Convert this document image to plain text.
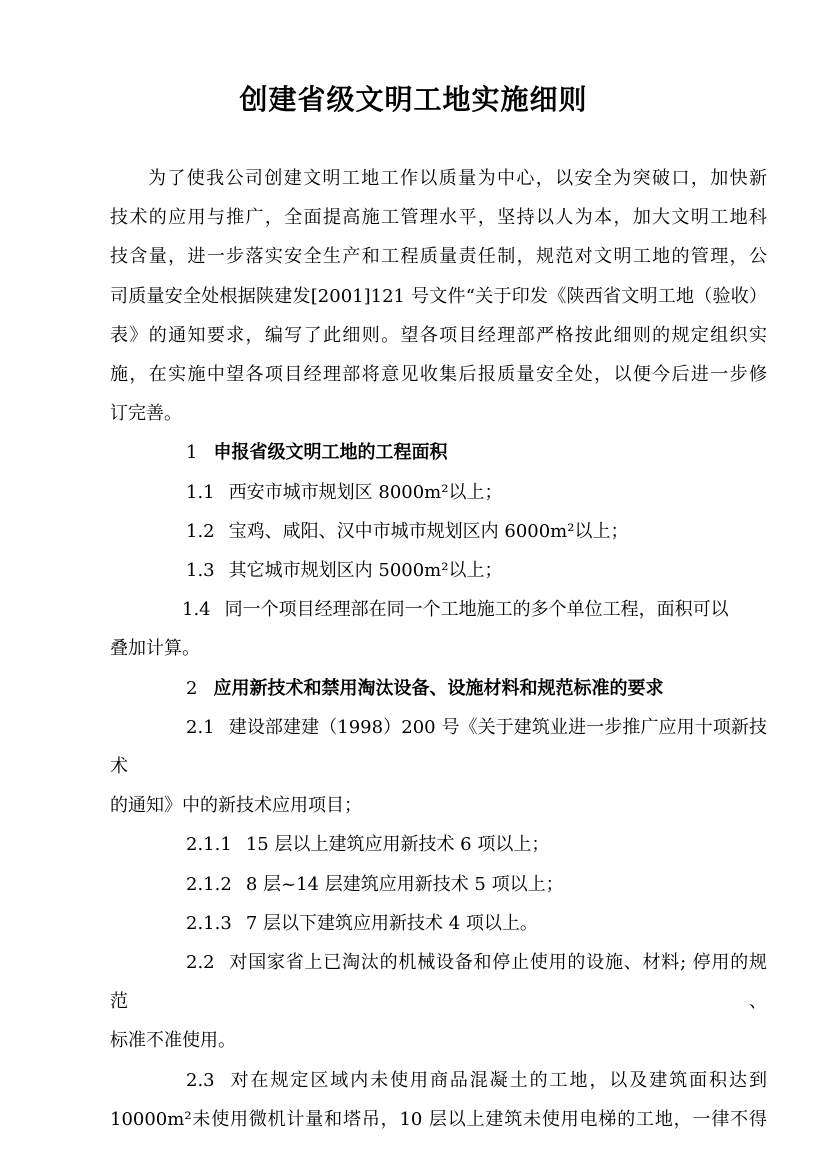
创建省级文明工地实施细则

为了使我公司创建文明工地工作以质量为中心，以安全为突破口，加快新

技术的应用与推广，全面提高施工管理水平，坚持以人为本，加大文明工地科

技含量，进一步落实安全生产和工程质量责任制，规范对文明工地的管理，公

司质量安全处根据陕建发[2001]121 号文件“关于印发《陕西省文明工地（验收）

表》的通知要求，编写了此细则。望各项目经理部严格按此细则的规定组织实

施，在实施中望各项目经理部将意见收集后报质量安全处，以便今后进一步修

订完善。

1 申报省级文明工地的工程面积

1.1 西安市城市规划区 8000m²以上；

1.2 宝鸡、咸阳、汉中市城市规划区内 6000m²以上；

1.3 其它城市规划区内 5000m²以上；

1.4 同一个项目经理部在同一个工地施工的多个单位工程，面积可以

叠加计算。

2 应用新技术和禁用淘汰设备、设施材料和规范标准的要求

2.1 建设部建建（1998）200 号《关于建筑业进一步推广应用十项新技术

的通知》中的新技术应用项目；

2.1.1 15 层以上建筑应用新技术 6 项以上；

2.1.2 8 层~14 层建筑应用新技术 5 项以上；

2.1.3 7 层以下建筑应用新技术 4 项以上。

2.2 对国家省上已淘汰的机械设备和停止使用的设施、材料; 停用的规范、

标准不准使用。

2.3 对在规定区域内未使用商品混凝土的工地，以及建筑面积达到

10000m²未使用微机计量和塔吊，10 层以上建筑未使用电梯的工地，一律不得
